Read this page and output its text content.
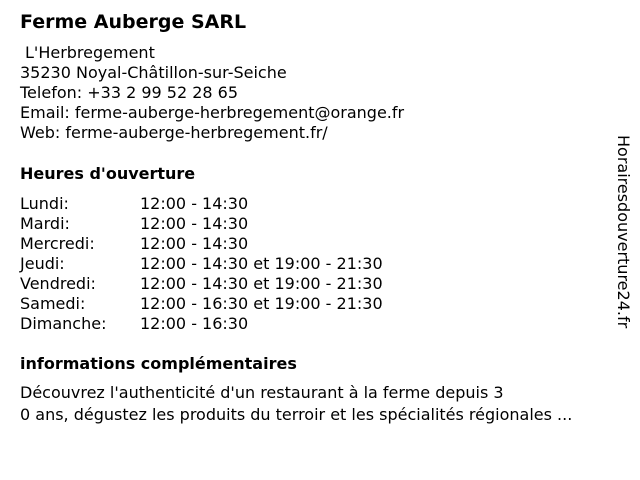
Ferme Auberge SARL
L'Herbregement
35230 Noyal-Châtillon-sur-Seiche
Telefon: +33 2 99 52 28 65
Email: ferme-auberge-herbregement@orange.fr
Web: ferme-auberge-herbregement.fr/
Heures d'ouverture
Lundi:	12:00 - 14:30
Mardi:	12:00 - 14:30
Mercredi:	12:00 - 14:30
Jeudi:	12:00 - 14:30 et 19:00 - 21:30
Vendredi:	12:00 - 14:30 et 19:00 - 21:30
Samedi:	12:00 - 16:30 et 19:00 - 21:30
Dimanche: 12:00 - 16:30
informations complémentaires
Découvrez l'authenticité d'un restaurant à la ferme depuis 3
0 ans, dégustez les produits du terroir et les spécialités régionales ...
Horairesdouverture24.fr
